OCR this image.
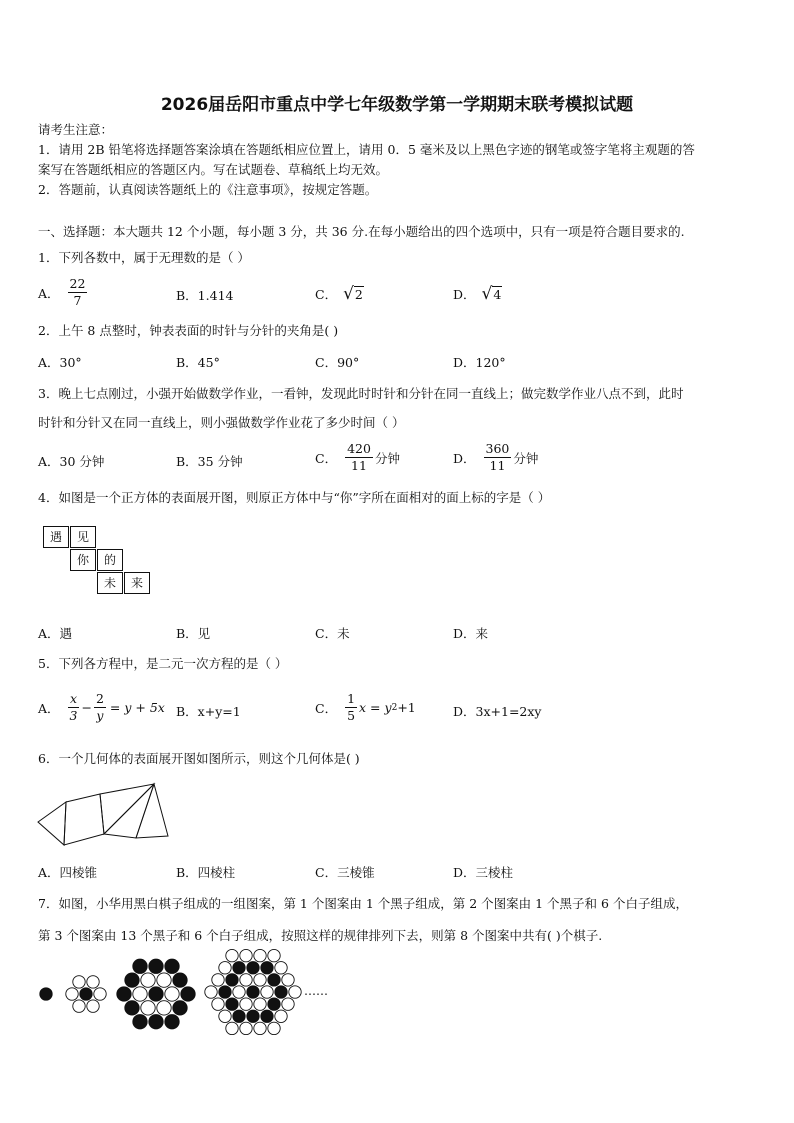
2026届岳阳市重点中学七年级数学第一学期期末联考模拟试题
请考生注意：
1．请用 2B 铅笔将选择题答案涂填在答题纸相应位置上，请用 0．5 毫米及以上黑色字迹的钢笔或签字笔将主观题的答
案写在答题纸相应的答题区内。写在试题卷、草稿纸上均无效。
2．答题前，认真阅读答题纸上的《注意事项》，按规定答题。
一、选择题：本大题共 12 个小题，每小题 3 分，共 36 分.在每小题给出的四个选项中，只有一项是符合题目要求的.
1．下列各数中，属于无理数的是（ ）
A． $\frac{22}{7}$	B．1.414	C． √ 2	D． √ 4
2．上午 8 点整时，钟表表面的时针与分针的夹角是( )
A．30°	B．45°	C．90°	D．120°
3．晚上七点刚过，小强开始做数学作业，一看钟，发现此时时针和分针在同一直线上；做完数学作业八点不到，此时
时针和分针又在同一直线上，则小强做数学作业花了多少时间（ ）
A．30 分钟	B．35 分钟	C． $\frac{420}{11}$ 分钟	D． $\frac{360}{11}$ 分钟
4．如图是一个正方体的表面展开图，则原正方体中与“你”字所在面相对的面上标的字是（ ）
遇	见
你	的
未	来
A．遇	B．见	C．未	D．来
5．下列各方程中，是二元一次方程的是（ ）
A． $\frac{x}{3} - \frac{2}{y} = y + 5x$ B．x+y=1	C． $\frac{1}{5}$ x = y 2 +1	D．3x+1=2xy
6．一个几何体的表面展开图如图所示，则这个几何体是( )
A．四棱锥	B．四棱柱	C．三棱锥	D．三棱柱
7．如图，小华用黑白棋子组成的一组图案，第 1 个图案由 1 个黑子组成，第 2 个图案由 1 个黑子和 6 个白子组成，
第 3 个图案由 13 个黑子和 6 个白子组成，按照这样的规律排列下去，则第 8 个图案中共有( )个棋子.
……
